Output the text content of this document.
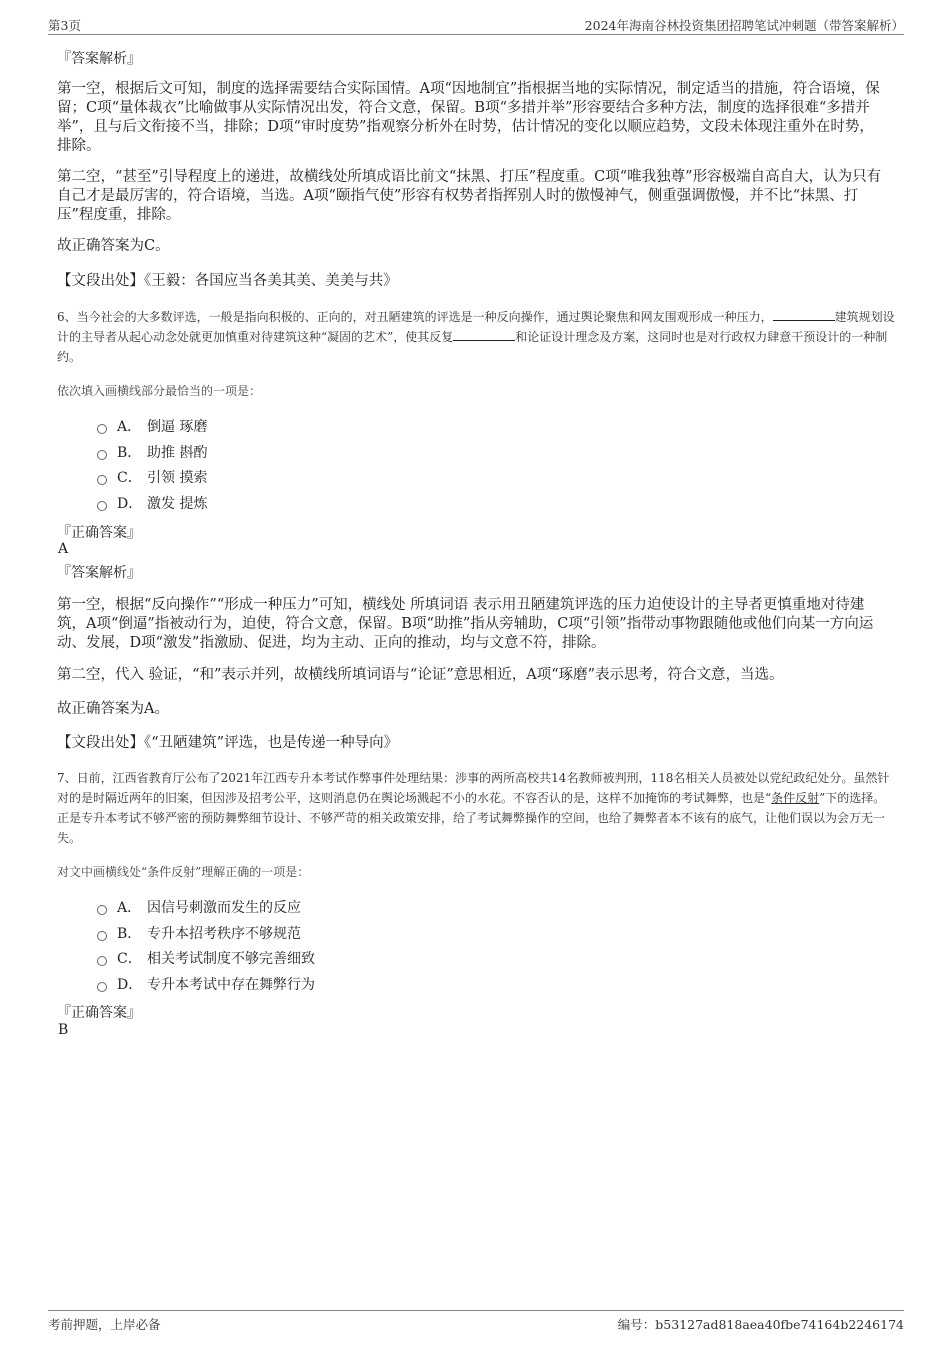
第3页	2024年海南谷林投资集团招聘笔试冲刺题（带答案解析）
『答案解析』

第一空，根据后文可知，制度的选择需要结合实际国情。A项“因地制宜”指根据当地的实际情况，制定适当的措施，符合语境，保留；C项“量体裁衣”比喻做事从实际情况出发，符合文意，保留。B项“多措并举”形容要结合多种方法，制度的选择很难“多措并举”，且与后文衔接不当，排除；D项“审时度势”指观察分析外在时势，估计情况的变化以顺应趋势，文段未体现注重外在时势，排除。

第二空，“甚至”引导程度上的递进，故横线处所填成语比前文“抹黑、打压”程度重。C项“唯我独尊”形容极端自高自大，认为只有自己才是最厉害的，符合语境，当选。A项“颐指气使”形容有权势者指挥别人时的傲慢神气，侧重强调傲慢，并不比“抹黑、打压”程度重，排除。

故正确答案为C。
【文段出处】《王毅：各国应当各美其美、美美与共》

6、当今社会的大多数评选，一般是指向积极的、正向的，对丑陋建筑的评选是一种反向操作，通过舆论聚焦和网友围观形成一种压力，	建筑规划设计的主导者从起心动念处就更加慎重对待建筑这种“凝固的艺术”，使其反复	和论证设计理念及方案，这同时也是对行政权力肆意干预设计的一种制约。

依次填入画横线部分最恰当的一项是：
A． 倒逼 琢磨
B． 助推 斟酌
C． 引领 摸索
D． 激发 提炼
『正确答案』
A
『答案解析』

第一空，根据“反向操作”“形成一种压力”可知，横线处 所填词语 表示用丑陋建筑评选的压力迫使设计的主导者更慎重地对待建筑，A项“倒逼”指被动行为，迫使，符合文意，保留。B项“助推”指从旁辅助，C项“引领”指带动事物跟随他或他们向某一方向运动、发展，D项“激发”指激励、促进，均为主动、正向的推动，均与文意不符，排除。

第二空，代入 验证，“和”表示并列，故横线所填词语与“论证”意思相近，A项“琢磨”表示思考，符合文意，当选。

故正确答案为A。
【文段出处】《“丑陋建筑”评选，也是传递一种导向》

7、日前，江西省教育厅公布了2021年江西专升本考试作弊事件处理结果：涉事的两所高校共14名教师被判刑，118名相关人员被处以党纪政纪处分。虽然针对的是时隔近两年的旧案，但因涉及招考公平，这则消息仍在舆论场溅起不小的水花。不容否认的是，这样不加掩饰的考试舞弊，也是“条件反射”下的选择。正是专升本考试不够严密的预防舞弊细节设计、不够严苛的相关政策安排，给了考试舞弊操作的空间，也给了舞弊者本不该有的底气，让他们误以为会万无一失。

对文中画横线处“条件反射”理解正确的一项是：
A． 因信号刺激而发生的反应
B． 专升本招考秩序不够规范
C． 相关考试制度不够完善细致
D． 专升本考试中存在舞弊行为
『正确答案』
B
考前押题，上岸必备	编号：b53127ad818aea40fbe74164b2246174
